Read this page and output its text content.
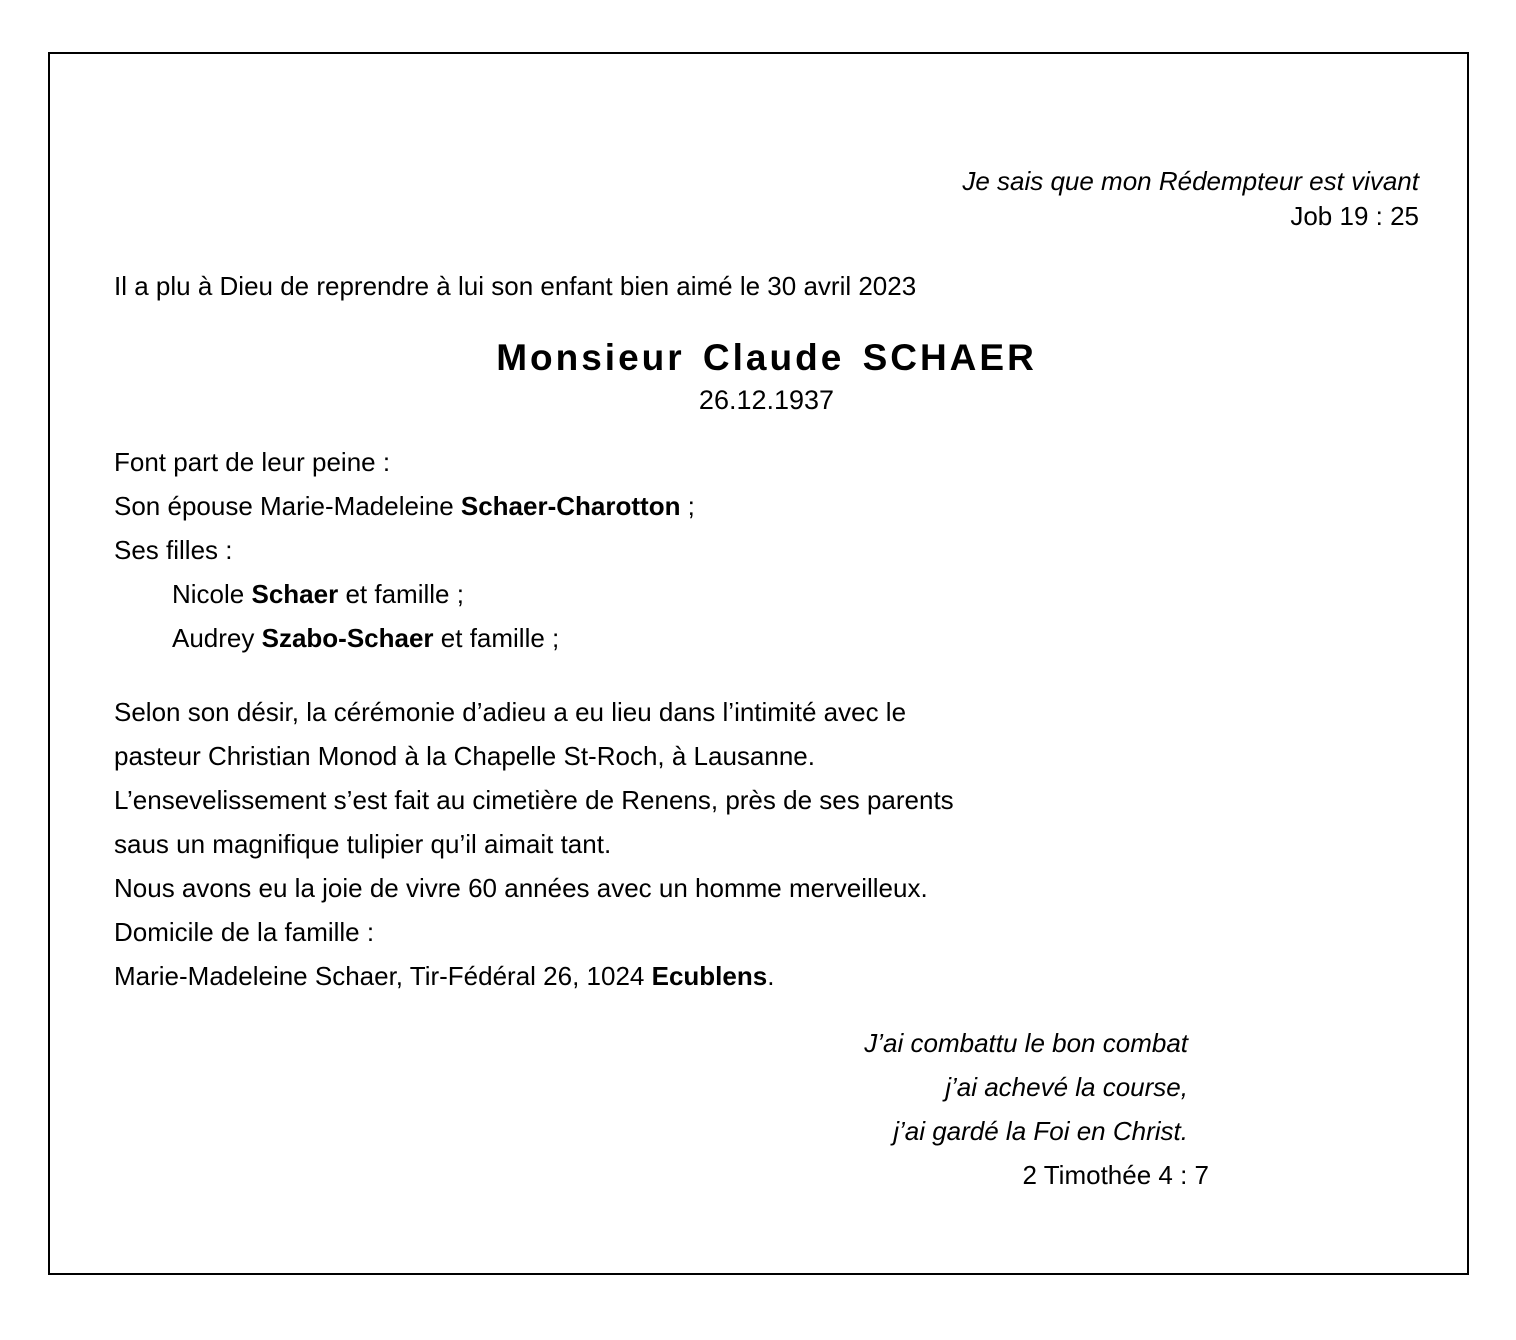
Je sais que mon Rédempteur est vivant
Job 19 : 25

Il a plu à Dieu de reprendre à lui son enfant bien aimé le 30 avril 2023

Monsieur Claude SCHAER
26.12.1937
Font part de leur peine :
Son épouse Marie-Madeleine Schaer-Charotton ;
Ses filles :
Nicole Schaer et famille ;
Audrey Szabo-Schaer et famille ;
Selon son désir, la cérémonie d’adieu a eu lieu dans l’intimité avec le
pasteur Christian Monod à la Chapelle St-Roch, à Lausanne.
L’ensevelissement s’est fait au cimetière de Renens, près de ses parents
saus un magnifique tulipier qu’il aimait tant.
Nous avons eu la joie de vivre 60 années avec un homme merveilleux.
Domicile de la famille :
Marie-Madeleine Schaer, Tir-Fédéral 26, 1024 Ecublens.
J’ai combattu le bon combat
j’ai achevé la course,
j’ai gardé la Foi en Christ.
2 Timothée 4 : 7
